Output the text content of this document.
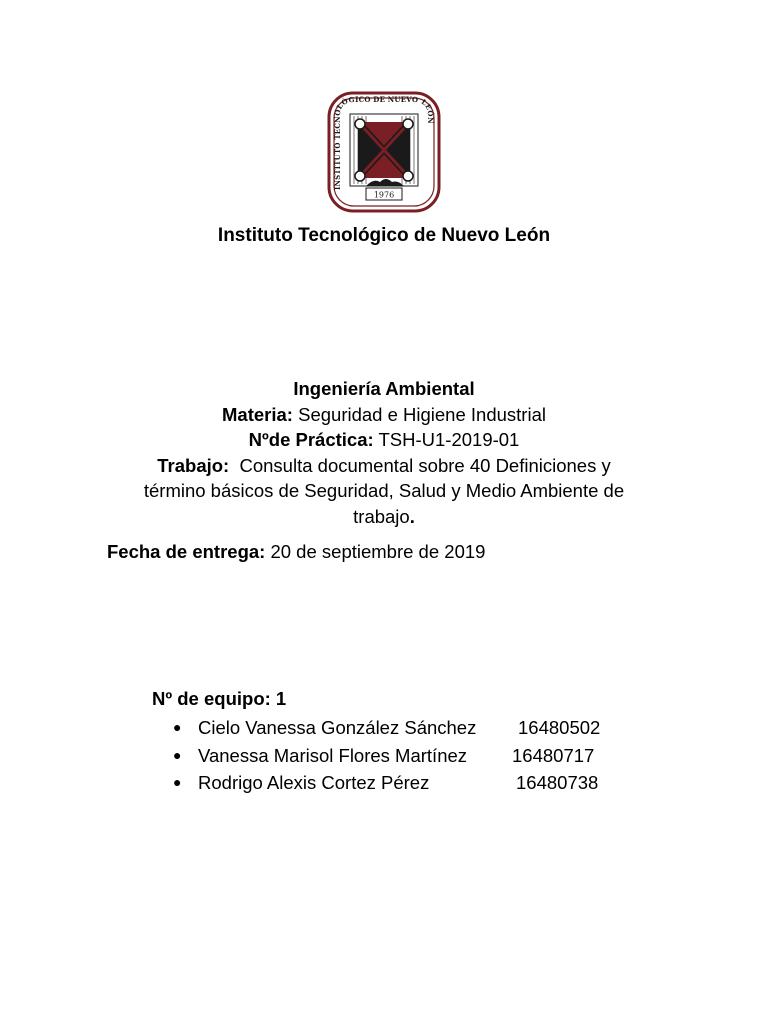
INSTITUTO TECNOLÓGICO DE NUEVO LEÓN
1976
Instituto Tecnológico de Nuevo León
Ingeniería Ambiental
Materia: Seguridad e Higiene Industrial
Nºde Práctica: TSH-U1-2019-01
Trabajo:  Consulta documental sobre 40 Definiciones y
término básicos de Seguridad, Salud y Medio Ambiente de
trabajo.
Fecha de entrega: 20 de septiembre de 2019
Nº de equipo: 1
● Cielo Vanessa González Sánchez 16480502
● Vanessa Marisol Flores Martínez 16480717
● Rodrigo Alexis Cortez Pérez	16480738
